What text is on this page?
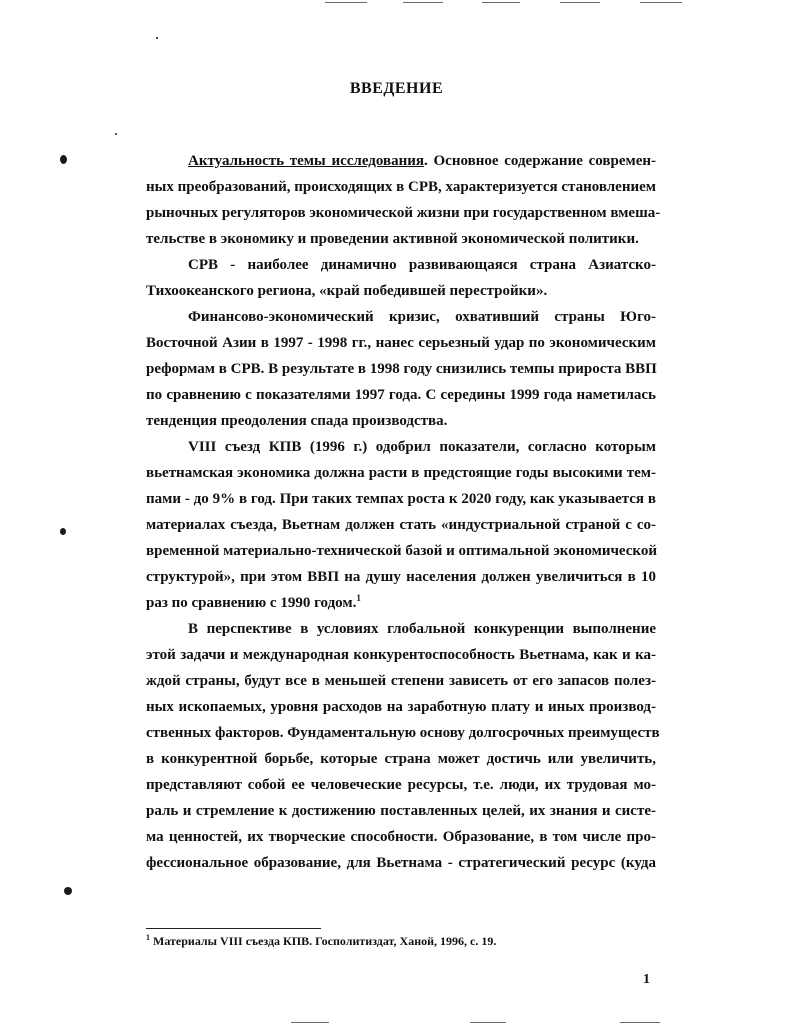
ВВЕДЕНИЕ
Актуальность темы исследования. Основное содержание современ-
ных преобразований, происходящих в СРВ, характеризуется становлением
рыночных регуляторов экономической жизни при государственном вмеша-
тельстве в экономику и проведении активной экономической политики.
СРВ - наиболее динамично развивающаяся страна Азиатско-
Тихоокеанского региона, «край победившей перестройки».
Финансово-экономический кризис, охвативший страны Юго-
Восточной Азии в 1997 - 1998 гг., нанес серьезный удар по экономическим
реформам в СРВ. В результате в 1998 году снизились темпы прироста ВВП
по сравнению с показателями 1997 года. С середины 1999 года наметилась
тенденция преодоления спада производства.
VIII съезд КПВ (1996 г.) одобрил показатели, согласно которым
вьетнамская экономика должна расти в предстоящие годы высокими тем-
пами - до 9% в год. При таких темпах роста к 2020 году, как указывается в
материалах съезда, Вьетнам должен стать «индустриальной страной с со-
временной материально-технической базой и оптимальной экономической
структурой», при этом ВВП на душу населения должен увеличиться в 10
раз по сравнению с 1990 годом.$^1$
В перспективе в условиях глобальной конкуренции выполнение
этой задачи и международная конкурентоспособность Вьетнама, как и ка-
ждой страны, будут все в меньшей степени зависеть от его запасов полез-
ных ископаемых, уровня расходов на заработную плату и иных производ-
ственных факторов. Фундаментальную основу долгосрочных преимуществ
в конкурентной борьбе, которые страна может достичь или увеличить,
представляют собой ее человеческие ресурсы, т.е. люди, их трудовая мо-
раль и стремление к достижению поставленных целей, их знания и систе-
ма ценностей, их творческие способности. Образование, в том числе про-
фессиональное образование, для Вьетнама - стратегический ресурс (куда

$^1$ Материалы VIII съезда КПВ. Госполитиздат, Ханой, 1996, с. 19.

1
